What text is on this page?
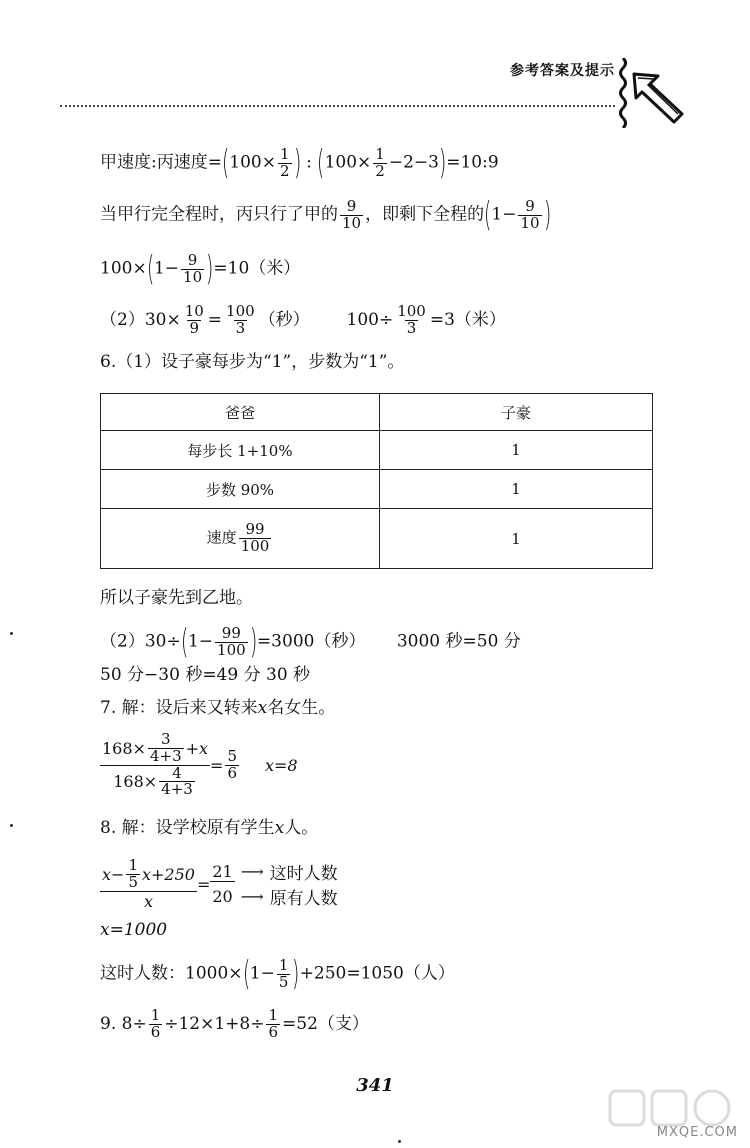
参考答案及提示
甲速度:丙速度$=(100\times \frac{1}{2}$ ) : ($100\times \frac{1}{2}$ −2−3)=10:9
当甲行完全程时，丙只行了甲的 $\frac{9}{10}$ ，即剩下全程的($1- \frac{9}{10}$ )
$100\times(1- \frac{9}{10} )=10$（米）
$(2)30\times \frac{10}{9} = \frac{100}{3}$ （秒） $100\div \frac{100}{3} =3$（米）
6.（1）设子豪每步为“1”，步数为“1”。
爸爸	子豪
每步长 1+10%	1
步数 90%	1
速度 $\frac{99}{100}$	1
所以子豪先到乙地。
$(2)30\div(1- \frac{99}{100} )=3000$（秒） 3000 秒=50 分
50 分−30 秒=49 分 30 秒
7. 解：设后来又转来x名女生。
$168\times \frac{3}{4+3} + x$
$168\times \frac{4}{4+3}$
= $\frac{5}{6} x=8$
8. 解：设学校原有学生x人。
$x- \frac{1}{5} x+250$
x
=
21 ⟶ 这时人数
20 ⟶ 原有人数
x=1000
这时人数：$1000\times(1- \frac{1}{5} )+250=1050$（人）
9. $8\div \frac{1}{6} \div 12\times 1+8\div \frac{1}{6} =52$（支）
341
MXQE.COM
